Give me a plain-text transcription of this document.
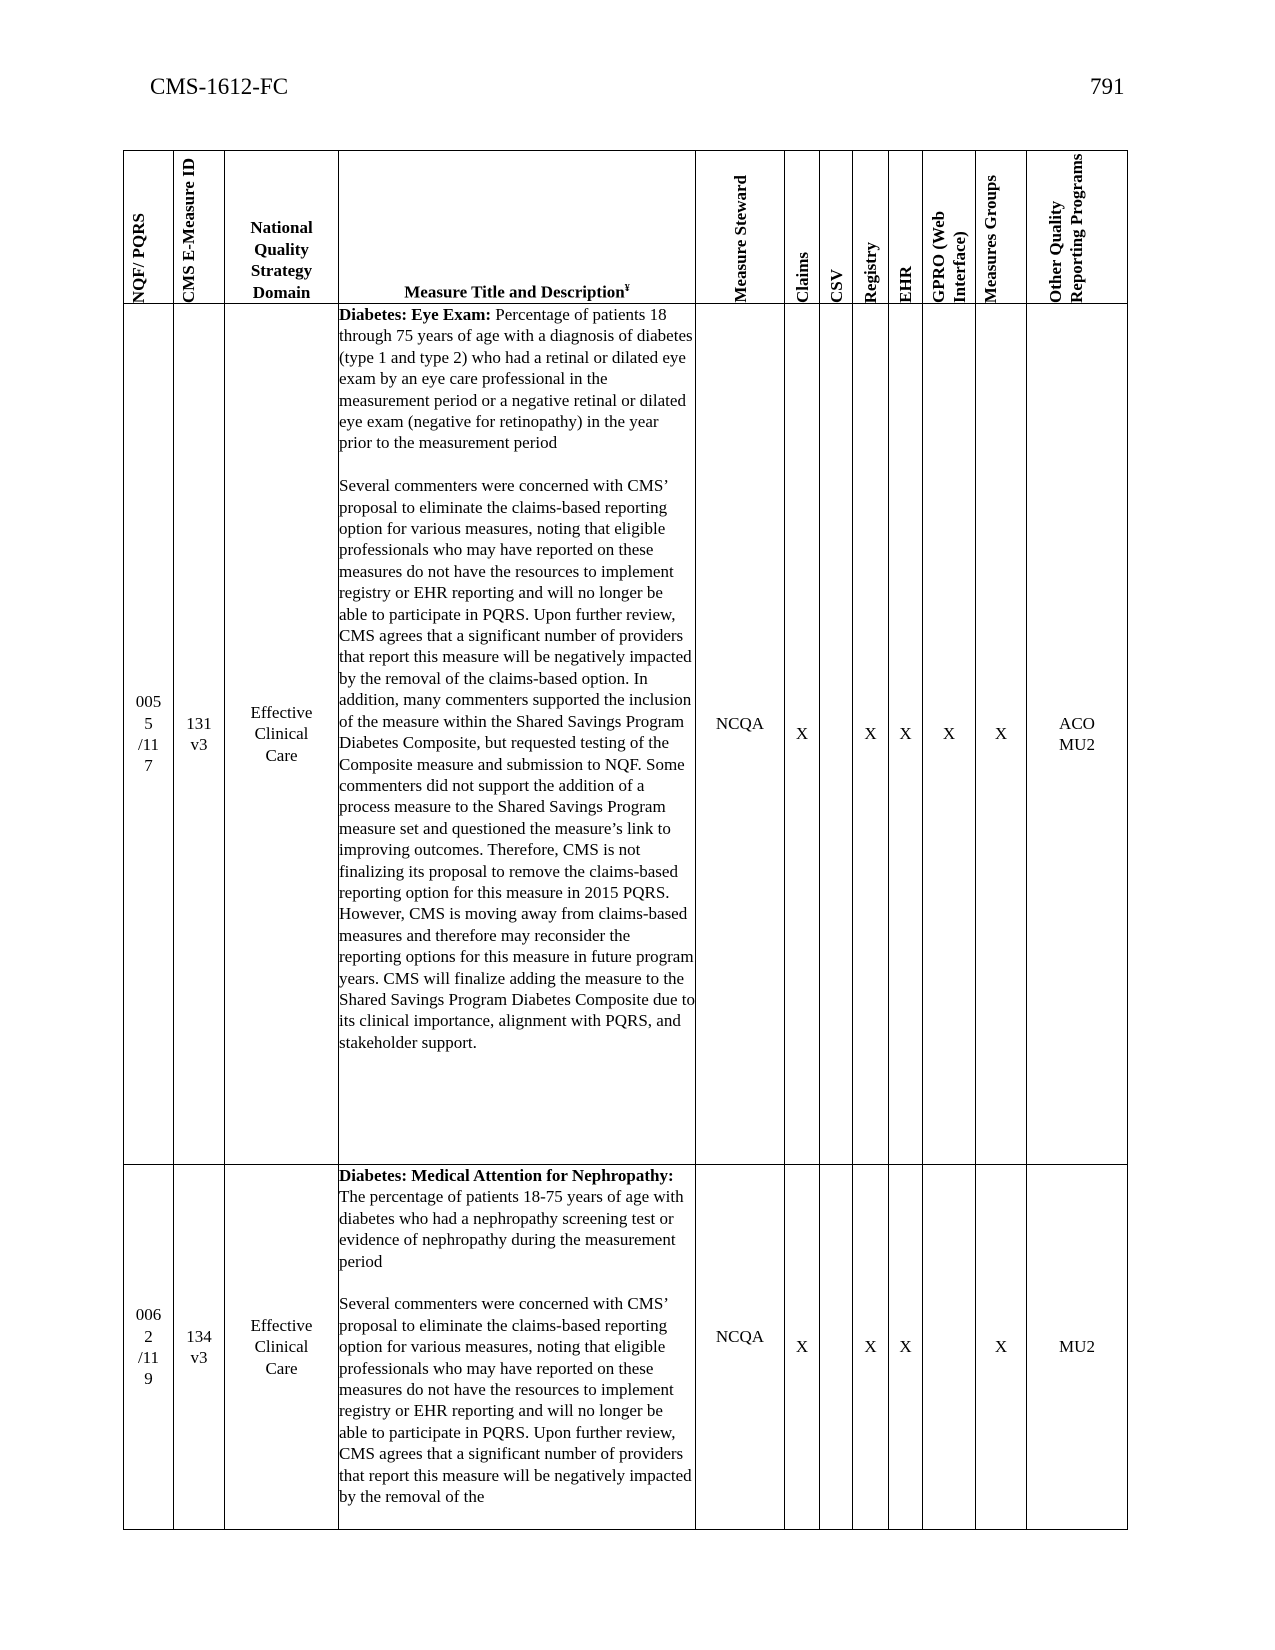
CMS-1612-FC	791
NQF/ PQRS	CMS E-Measure ID	National Quality Strategy Domain	Measure Title and Description¥	Measure Steward	Claims	CSV	Registry	EHR	GPRO (Web Interface)	Measures Groups	Other Quality Reporting Programs

005 5 /11 7	131 v3	Effective Clinical Care	Diabetes: Eye Exam: Percentage of patients 18 through 75 years of age with a diagnosis of diabetes (type 1 and type 2) who had a retinal or dilated eye exam by an eye care professional in the measurement period or a negative retinal or dilated eye exam (negative for retinopathy) in the year prior to the measurement period
Several commenters were concerned with CMS’ proposal to eliminate the claims-based reporting option for various measures, noting that eligible professionals who may have reported on these measures do not have the resources to implement registry or EHR reporting and will no longer be able to participate in PQRS. Upon further review, CMS agrees that a significant number of providers that report this measure will be negatively impacted by the removal of the claims-based option. In addition, many commenters supported the inclusion of the measure within the Shared Savings Program Diabetes Composite, but requested testing of the Composite measure and submission to NQF. Some commenters did not support the addition of a process measure to the Shared Savings Program measure set and questioned the measure’s link to improving outcomes. Therefore, CMS is not finalizing its proposal to remove the claims-based reporting option for this measure in 2015 PQRS. However, CMS is moving away from claims-based measures and therefore may reconsider the reporting options for this measure in future program years. CMS will finalize adding the measure to the Shared Savings Program Diabetes Composite due to its clinical importance, alignment with PQRS, and stakeholder support.	NCQA	X		X	X	X	X	ACO MU2

006 2 /11 9	134 v3	Effective Clinical Care	Diabetes: Medical Attention for Nephropathy: The percentage of patients 18-75 years of age with diabetes who had a nephropathy screening test or evidence of nephropathy during the measurement period
Several commenters were concerned with CMS’ proposal to eliminate the claims-based reporting option for various measures, noting that eligible professionals who may have reported on these measures do not have the resources to implement registry or EHR reporting and will no longer be able to participate in PQRS. Upon further review, CMS agrees that a significant number of providers that report this measure will be negatively impacted by the removal of the	NCQA	X		X	X		X	MU2
